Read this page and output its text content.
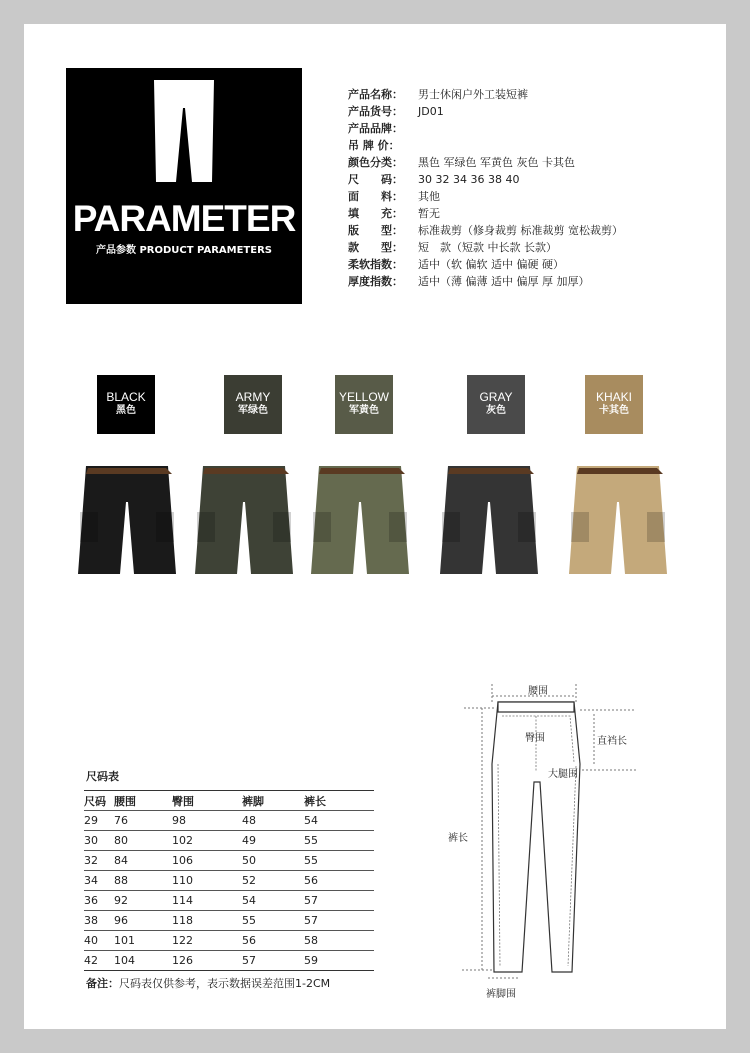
PARAMETER
产品参数 PRODUCT PARAMETERS
产品名称：	男士休闲户外工装短裤
产品货号：	JD01
产品品牌：
吊 牌 价：
颜色分类：	黑色 军绿色 军黄色 灰色 卡其色
尺　　码：	30 32 34 36 38 40
面　　料：	其他
填　　充：	暂无
版　　型：	标准裁剪（修身裁剪 标准裁剪 宽松裁剪）
款　　型：	短　款（短款 中长款 长款）
柔软指数：	适中（软 偏软 适中 偏硬 硬）
厚度指数：	适中（薄 偏薄 适中 偏厚 厚 加厚）
BLACK
黑色
ARMY
军绿色
YELLOW
军黄色
GRAY
灰色
KHAKI
卡其色
尺码表
尺码	腰围	臀围	裤脚	裤长
29	76	98	48	54
30	80	102	49	55
32	84	106	50	55
34	88	110	52	56
36	92	114	54	57
38	96	118	55	57
40	101	122	56	58
42	104	126	57	59
备注：尺码表仅供参考，表示数据误差范围1-2CM
腰围
臀围	直裆长
大腿围
裤长
裤脚围
